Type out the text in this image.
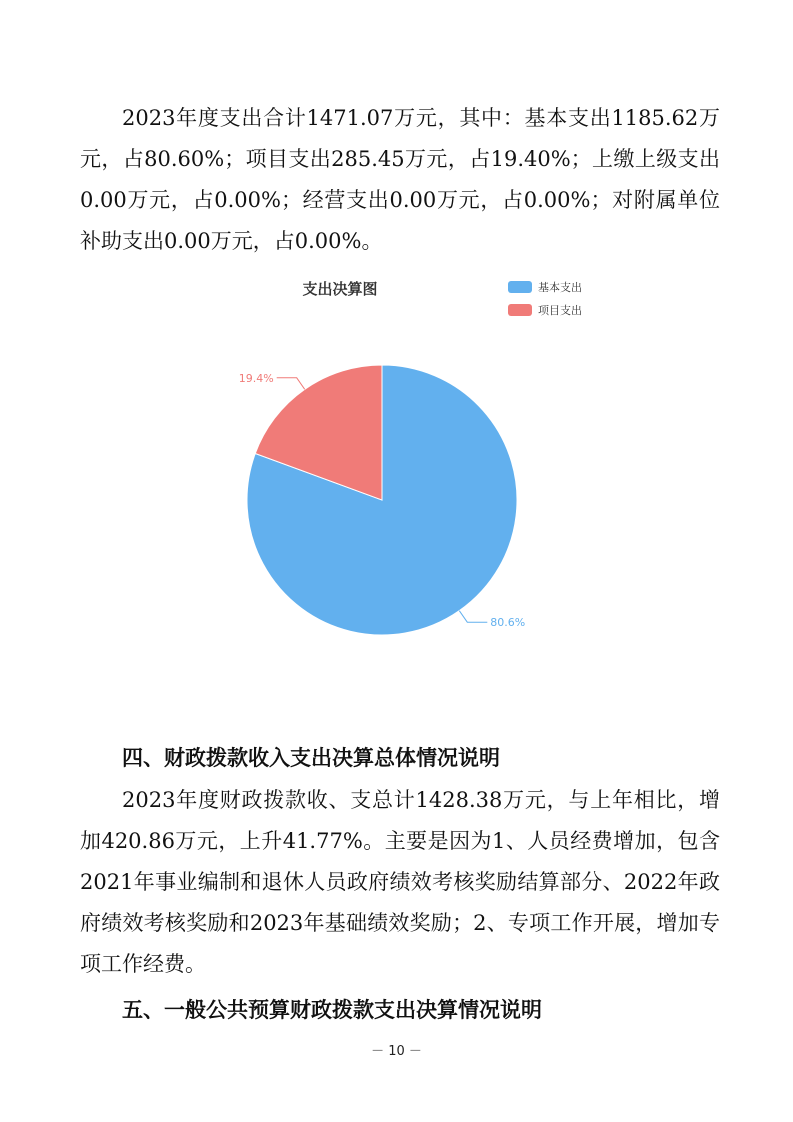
2023年度支出合计1471.07万元，其中：基本支出1185.62万元，占80.60%；项目支出285.45万元，占19.40%；上缴上级支出0.00万元，占0.00%；经营支出0.00万元，占0.00%；对附属单位补助支出0.00万元，占0.00%。

支出决算图	基本支出
项目支出
80.6%
19.4%
四、财政拨款收入支出决算总体情况说明

2023年度财政拨款收、支总计1428.38万元，与上年相比，增加420.86万元，上升41.77%。主要是因为1、人员经费增加，包含2021年事业编制和退休人员政府绩效考核奖励结算部分、2022年政府绩效考核奖励和2023年基础绩效奖励；2、专项工作开展，增加专项工作经费。

五、一般公共预算财政拨款支出决算情况说明
－ 10 －
